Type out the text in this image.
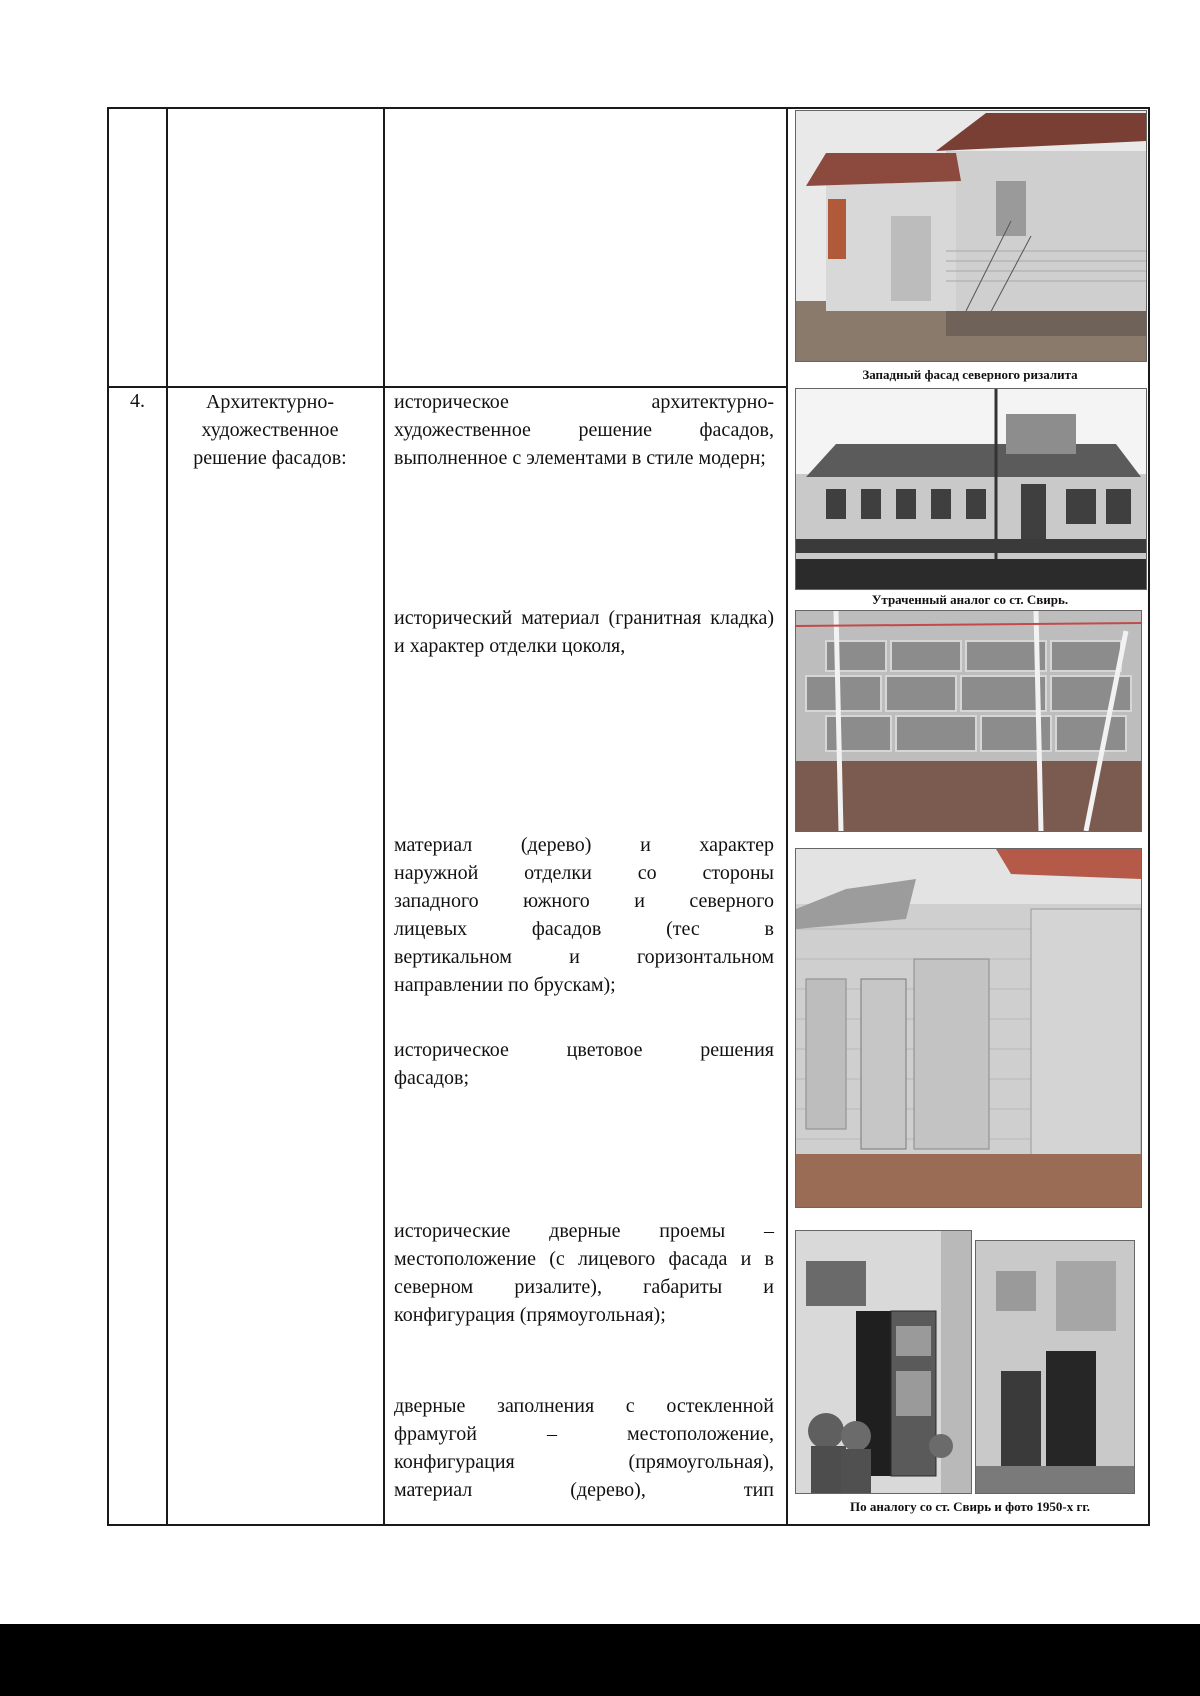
4.	Архитектурно-
художественное
решение фасадов:
историческое	архитектурно-
художественное решение фасадов, выполненное с элементами в стиле модерн;
исторический материал (гранитная кладка) и характер отделки цоколя,
материал (дерево) и характер
наружной отделки со стороны
западного южного и северного
лицевых фасадов (тес в
вертикальном и горизонтальном
направлении по брускам);
историческое цветовое решения
фасадов;
исторические дверные проемы –
местоположение (с лицевого фасада и в северном ризалите), габариты и конфигурация (прямоугольная);
дверные заполнения с остекленной
фрамугой – местоположение,
конфигурация (прямоугольная),
материал (дерево), тип
Западный фасад северного ризалита
Утраченный аналог со ст. Свирь.
По аналогу со ст. Свирь и фото 1950-х гг.
